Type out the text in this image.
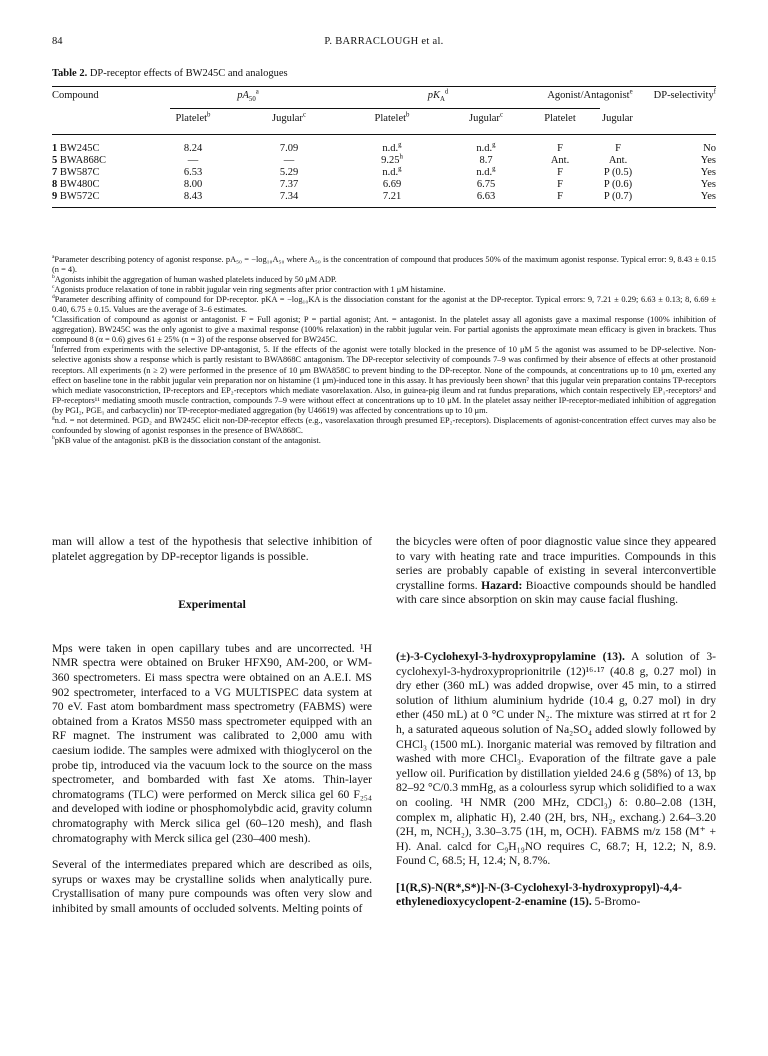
84	P. BARRACLOUGH et al.
Table 2. DP-receptor effects of BW245C and analogues
Compound	$pA_{50}^a$	$pK_A^d$	Agonist/Antagonist$^e$	DP-selectivity$^f$
	Platelet$^b$	Jugular$^c$	Platelet$^b$	Jugular$^c$	Platelet	Jugular
1 BW245C	8.24	7.09	n.d.$^g$	n.d.$^g$	F	F	No
5 BWA868C	—	—	9.25$^h$	8.7	Ant.	Ant.	Yes
7 BW587C	6.53	5.29	n.d.$^g$	n.d.$^g$	F	P (0.5)	Yes
8 BW480C	8.00	7.37	6.69	6.75	F	P (0.6)	Yes
9 BW572C	8.43	7.34	7.21	6.63	F	P (0.7)	Yes

$^a$Parameter describing potency of agonist response. pA₅₀ = −log₁₀A₅₀ where A₅₀ is the concentration of compound that produces 50% of the maximum agonist response. Typical error: 9, 8.43 ± 0.15 (n = 4).

$^b$Agonists inhibit the aggregation of human washed platelets induced by 50 μM ADP.

$^c$Agonists produce relaxation of tone in rabbit jugular vein ring segments after prior contraction with 1 μM histamine.

$^d$Parameter describing affinity of compound for DP-receptor. pKA = −log₁₀KA is the dissociation constant for the agonist at the DP-receptor. Typical errors: 9, 7.21 ± 0.29; 6.63 ± 0.13; 8, 6.69 ± 0.40, 6.75 ± 0.15. Values are the average of 3–6 estimates.

$^e$Classification of compound as agonist or antagonist. F = Full agonist; P = partial agonist; Ant. = antagonist. In the platelet assay all agonists gave a maximal response (100% inhibition of aggregation). BW245C was the only agonist to give a maximal response (100% relaxation) in the rabbit jugular vein. For partial agonists the approximate mean efficacy is given in brackets. Thus compound 8 (α = 0.6) gives 61 ± 25% (n = 3) of the response observed for BW245C.

$^f$Inferred from experiments with the selective DP-antagonist, 5. If the effects of the agonist were totally blocked in the presence of 10 μM 5 the agonist was assumed to be DP-selective. Non-selective agonists show a response which is partly resistant to BWA868C antagonism. The DP-receptor selectivity of compounds 7–9 was confirmed by their absence of effects at other prostanoid receptors. All experiments (n ≥ 2) were performed in the presence of 10 μm BWA858C to prevent binding to the DP-receptor. None of the compounds, at concentrations up to 10 μm, exerted any effect on baseline tone in the rabbit jugular vein preparation nor on histamine (1 μm)-induced tone in this assay. It has previously been shown⁷ that this jugular vein preparation contains TP-receptors which mediate vasoconstriction, IP-receptors and EP₂-receptors which mediate vasorelaxation. Also, in guinea-pig ileum and rat fundus preparations, which contain respectively EP₁-receptors² and FP-receptors¹¹ mediating smooth muscle contraction, compounds 7–9 were without effect at concentrations up to 10 μM. In the platelet assay neither IP-receptor-mediated inhibition of aggregation (by PGI₂, PGE₁ and carbacyclin) nor TP-receptor-mediated aggregation (by U46619) was affected by concentrations up to 10 μm.

$^g$n.d. = not determined. PGD₂ and BW245C elicit non-DP-receptor effects (e.g., vasorelaxation through presumed EP₂-receptors). Displacements of agonist-concentration effect curves may also be confounded by slowing of agonist responses in the presence of BWA868C.

$^h$pKB value of the antagonist. pKB is the dissociation constant of the antagonist.

man will allow a test of the hypothesis that selective inhibition of platelet aggregation by DP-receptor ligands is possible.

Experimental

Mps were taken in open capillary tubes and are uncorrected. ¹H NMR spectra were obtained on Bruker HFX90, AM-200, or WM-360 spectrometers. Ei mass spectra were obtained on an A.E.I. MS 902 spectrometer, interfaced to a VG MULTISPEC data system at 70 eV. Fast atom bombardment mass spectrometry (FABMS) were obtained from a Kratos MS50 mass spectrometer equipped with an RF magnet. The instrument was calibrated to 2,000 amu with caesium iodide. The samples were admixed with thioglycerol on the probe tip, introduced via the vacuum lock to the source on the mass spectrometer, and bombarded with fast Xe atoms. Thin-layer chromatograms (TLC) were performed on Merck silica gel 60 F₂₅₄ and developed with iodine or phosphomolybdic acid, gravity column chromatography with Merck silica gel (60–120 mesh), and flash chromatography with Merck silica gel (230–400 mesh).

Several of the intermediates prepared which are described as oils, syrups or waxes may be crystalline solids when analytically pure. Crystallisation of many pure compounds was often very slow and inhibited by small amounts of occluded solvents. Melting points of

the bicycles were often of poor diagnostic value since they appeared to vary with heating rate and trace impurities. Compounds in this series are probably capable of existing in several interconvertible crystalline forms. Hazard: Bioactive compounds should be handled with care since absorption on skin may cause facial flushing.

(±)-3-Cyclohexyl-3-hydroxypropylamine (13). A solution of 3-cyclohexyl-3-hydroxyproprionitrile (12)¹⁶·¹⁷ (40.8 g, 0.27 mol) in dry ether (360 mL) was added dropwise, over 45 min, to a stirred solution of lithium aluminium hydride (10.4 g, 0.27 mol) in dry ether (450 mL) at 0 °C under N₂. The mixture was stirred at rt for 2 h, a saturated aqueous solution of Na₂SO₄ added slowly followed by CHCl₃ (1500 mL). Inorganic material was removed by filtration and washed with more CHCl₃. Evaporation of the filtrate gave a pale yellow oil. Purification by distillation yielded 24.6 g (58%) of 13, bp 82–92 °C/0.3 mmHg, as a colourless syrup which solidified to a wax on cooling. ¹H NMR (200 MHz, CDCl₃) δ: 0.80–2.08 (13H, complex m, aliphatic H), 2.40 (2H, brs, NH₂, exchang.) 2.64–3.20 (2H, m, NCH₂), 3.30–3.75 (1H, m, OCH). FABMS m/z 158 (M⁺ + H). Anal. calcd for C₉H₁₉NO requires C, 68.7; H, 12.2; N, 8.9. Found C, 68.5; H, 12.4; N, 8.7%.

[1(R,S)-N(R*,S*)]-N-(3-Cyclohexyl-3-hydroxypropyl)-4,4-ethylenedioxycyclopent-2-enamine (15). 5-Bromo-
